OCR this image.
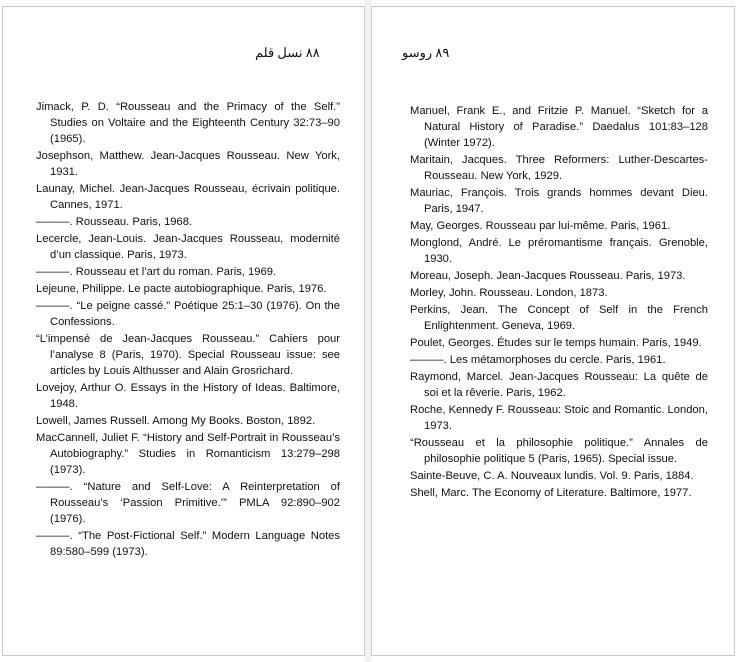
۸۸ نسل قلم

Jimack, P. D. “Rousseau and the Primacy of the Self.” Studies on Voltaire and the Eighteenth Century 32:73–90 (1965).

Josephson, Matthew. Jean-Jacques Rousseau. New York, 1931.

Launay, Michel. Jean-Jacques Rousseau, écrivain politique. Cannes, 1971.

———. Rousseau. Paris, 1968.

Lecercle, Jean-Louis. Jean-Jacques Rousseau, modernité d’un classique. Paris, 1973.

———. Rousseau et l’art du roman. Paris, 1969.

Lejeune, Philippe. Le pacte autobiographique. Paris, 1976.

———. “Le peigne cassé.” Poétique 25:1–30 (1976). On the Confessions.

“L’impensé de Jean-Jacques Rousseau.” Cahiers pour l’analyse 8 (Paris, 1970). Special Rousseau issue: see articles by Louis Althusser and Alain Grosrichard.

Lovejoy, Arthur O. Essays in the History of Ideas. Baltimore, 1948.

Lowell, James Russell. Among My Books. Boston, 1892.

MacCannell, Juliet F. “History and Self-Portrait in Rousseau’s Autobiography.” Studies in Romanticism 13:279–298 (1973).

———. “Nature and Self-Love: A Reinterpretation of Rousseau’s ‘Passion Primitive.’” PMLA 92:890–902 (1976).

———. “The Post-Fictional Self.” Modern Language Notes 89:580–599 (1973).

۸۹ روسو

Manuel, Frank E., and Fritzie P. Manuel. “Sketch for a Natural History of Paradise.” Daedalus 101:83–128 (Winter 1972).

Maritain, Jacques. Three Reformers: Luther-Descartes-Rousseau. New York, 1929.

Mauriac, François. Trois grands hommes devant Dieu. Paris, 1947.

May, Georges. Rousseau par lui-même. Paris, 1961.

Monglond, André. Le préromantisme français. Grenoble, 1930.

Moreau, Joseph. Jean-Jacques Rousseau. Paris, 1973.

Morley, John. Rousseau. London, 1873.

Perkins, Jean. The Concept of Self in the French Enlightenment. Geneva, 1969.

Poulet, Georges. Études sur le temps humain. Paris, 1949.

———. Les métamorphoses du cercle. Paris, 1961.

Raymond, Marcel. Jean-Jacques Rousseau: La quête de soi et la rêverie. Paris, 1962.

Roche, Kennedy F. Rousseau: Stoic and Romantic. London, 1973.

“Rousseau et la philosophie politique.” Annales de philosophie politique 5 (Paris, 1965). Special issue.

Sainte-Beuve, C. A. Nouveaux lundis. Vol. 9. Paris, 1884.

Shell, Marc. The Economy of Literature. Baltimore, 1977.
